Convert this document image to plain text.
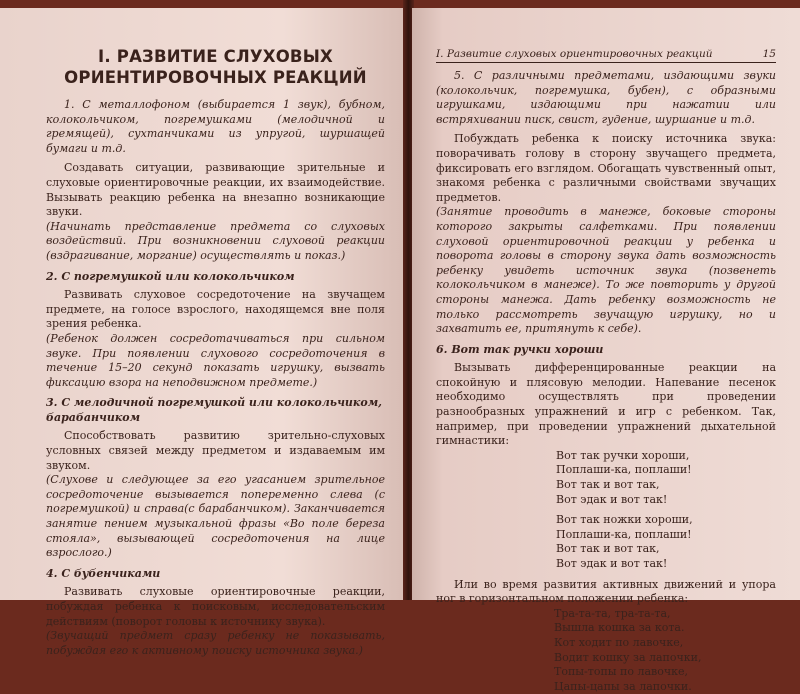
I. РАЗВИТИЕ СЛУХОВЫХ
ОРИЕНТИРОВОЧНЫХ РЕАКЦИЙ

1. С металлофоном (выбирается 1 звук), бубном, колокольчиком, погремушками (мелодичной и гремящей), сухтанчиками из упругой, шуршащей бумаги и т.д.

Создавать ситуации, развивающие зрительные и слуховые ориентировочные реакции, их взаимодействие. Вызывать реакцию ребенка на внезапно возникающие звуки.

(Начинать представление предмета со слуховых воздействий. При возникновении слуховой реакции (вздрагивание, моргание) осуществлять и показ.)

2. С погремушкой или колокольчиком

Развивать слуховое сосредоточение на звучащем предмете, на голосе взрослого, находящемся вне поля зрения ребенка.

(Ребенок должен сосредотачиваться при сильном звуке. При появлении слухового сосредоточения в течение 15–20 секунд показать игрушку, вызвать фиксацию взора на неподвижном предмете.)

3. С мелодичной погремушкой или колокольчиком, барабанчиком

Способствовать развитию зрительно-слуховых условных связей между предметом и издаваемым им звуком.

(Слухове и следующее за его угасанием зрительное сосредоточение вызывается попеременно слева (с погремушкой) и справа(с барабанчиком). Заканчивается занятие пением музыкальной фразы «Во поле береза стояла», вызывающей сосредоточения на лице взрослого.)

4. С бубенчиками

Развивать слуховые ориентировочные реакции, побуждая ребенка к поисковым, исследовательским действиям (поворот головы к источнику звука).

(Звучащий предмет сразу ребенку не показывать, побуждая его к активному поиску источника звука.)

I. Развитие слуховых ориентировочных реакций	15

5. С различными предметами, издающими звуки (колокольчик, погремушка, бубен), с образными игрушками, издающими при нажатии или встряхивании писк, свист, гудение, шуршание и т.д.

Побуждать ребенка к поиску источника звука: поворачивать голову в сторону звучащего предмета, фиксировать его взглядом. Обогащать чувственный опыт, знакомя ребенка с различными свойствами звучащих предметов.

(Занятие проводить в манеже, боковые стороны которого закрыты салфетками. При появлении слуховой ориентировочной реакции у ребенка и поворота головы в сторону звука дать возможность ребенку увидеть источник звука (позвенеть колокольчиком в манеже). То же повторить у другой стороны манежа. Дать ребенку возможность не только рассмотреть звучащую игрушку, но и захватить ее, притянуть к себе).

6. Вот так ручки хороши

Вызывать дифференцированные реакции на спокойную и плясовую мелодии. Напевание песенок необходимо осуществлять при проведении разнообразных упражнений и игр с ребенком. Так, например, при проведении упражнений дыхательной гимнастики:

Вот так ручки хороши,
Поплаши-ка, поплаши!
Вот так и вот так,
Вот эдак и вот так!
Вот так ножки хороши,
Поплаши-ка, поплаши!
Вот так и вот так,
Вот эдак и вот так!

Или во время развития активных движений и упора ног в горизонтальном положении ребенка:

Тра-та-та, тра-та-та,
Вышла кошка за кота.
Кот ходит по лавочке,
Водит кошку за лапочки,
Топы-топы по лавочке,
Цапы-цапы за лапочки.
